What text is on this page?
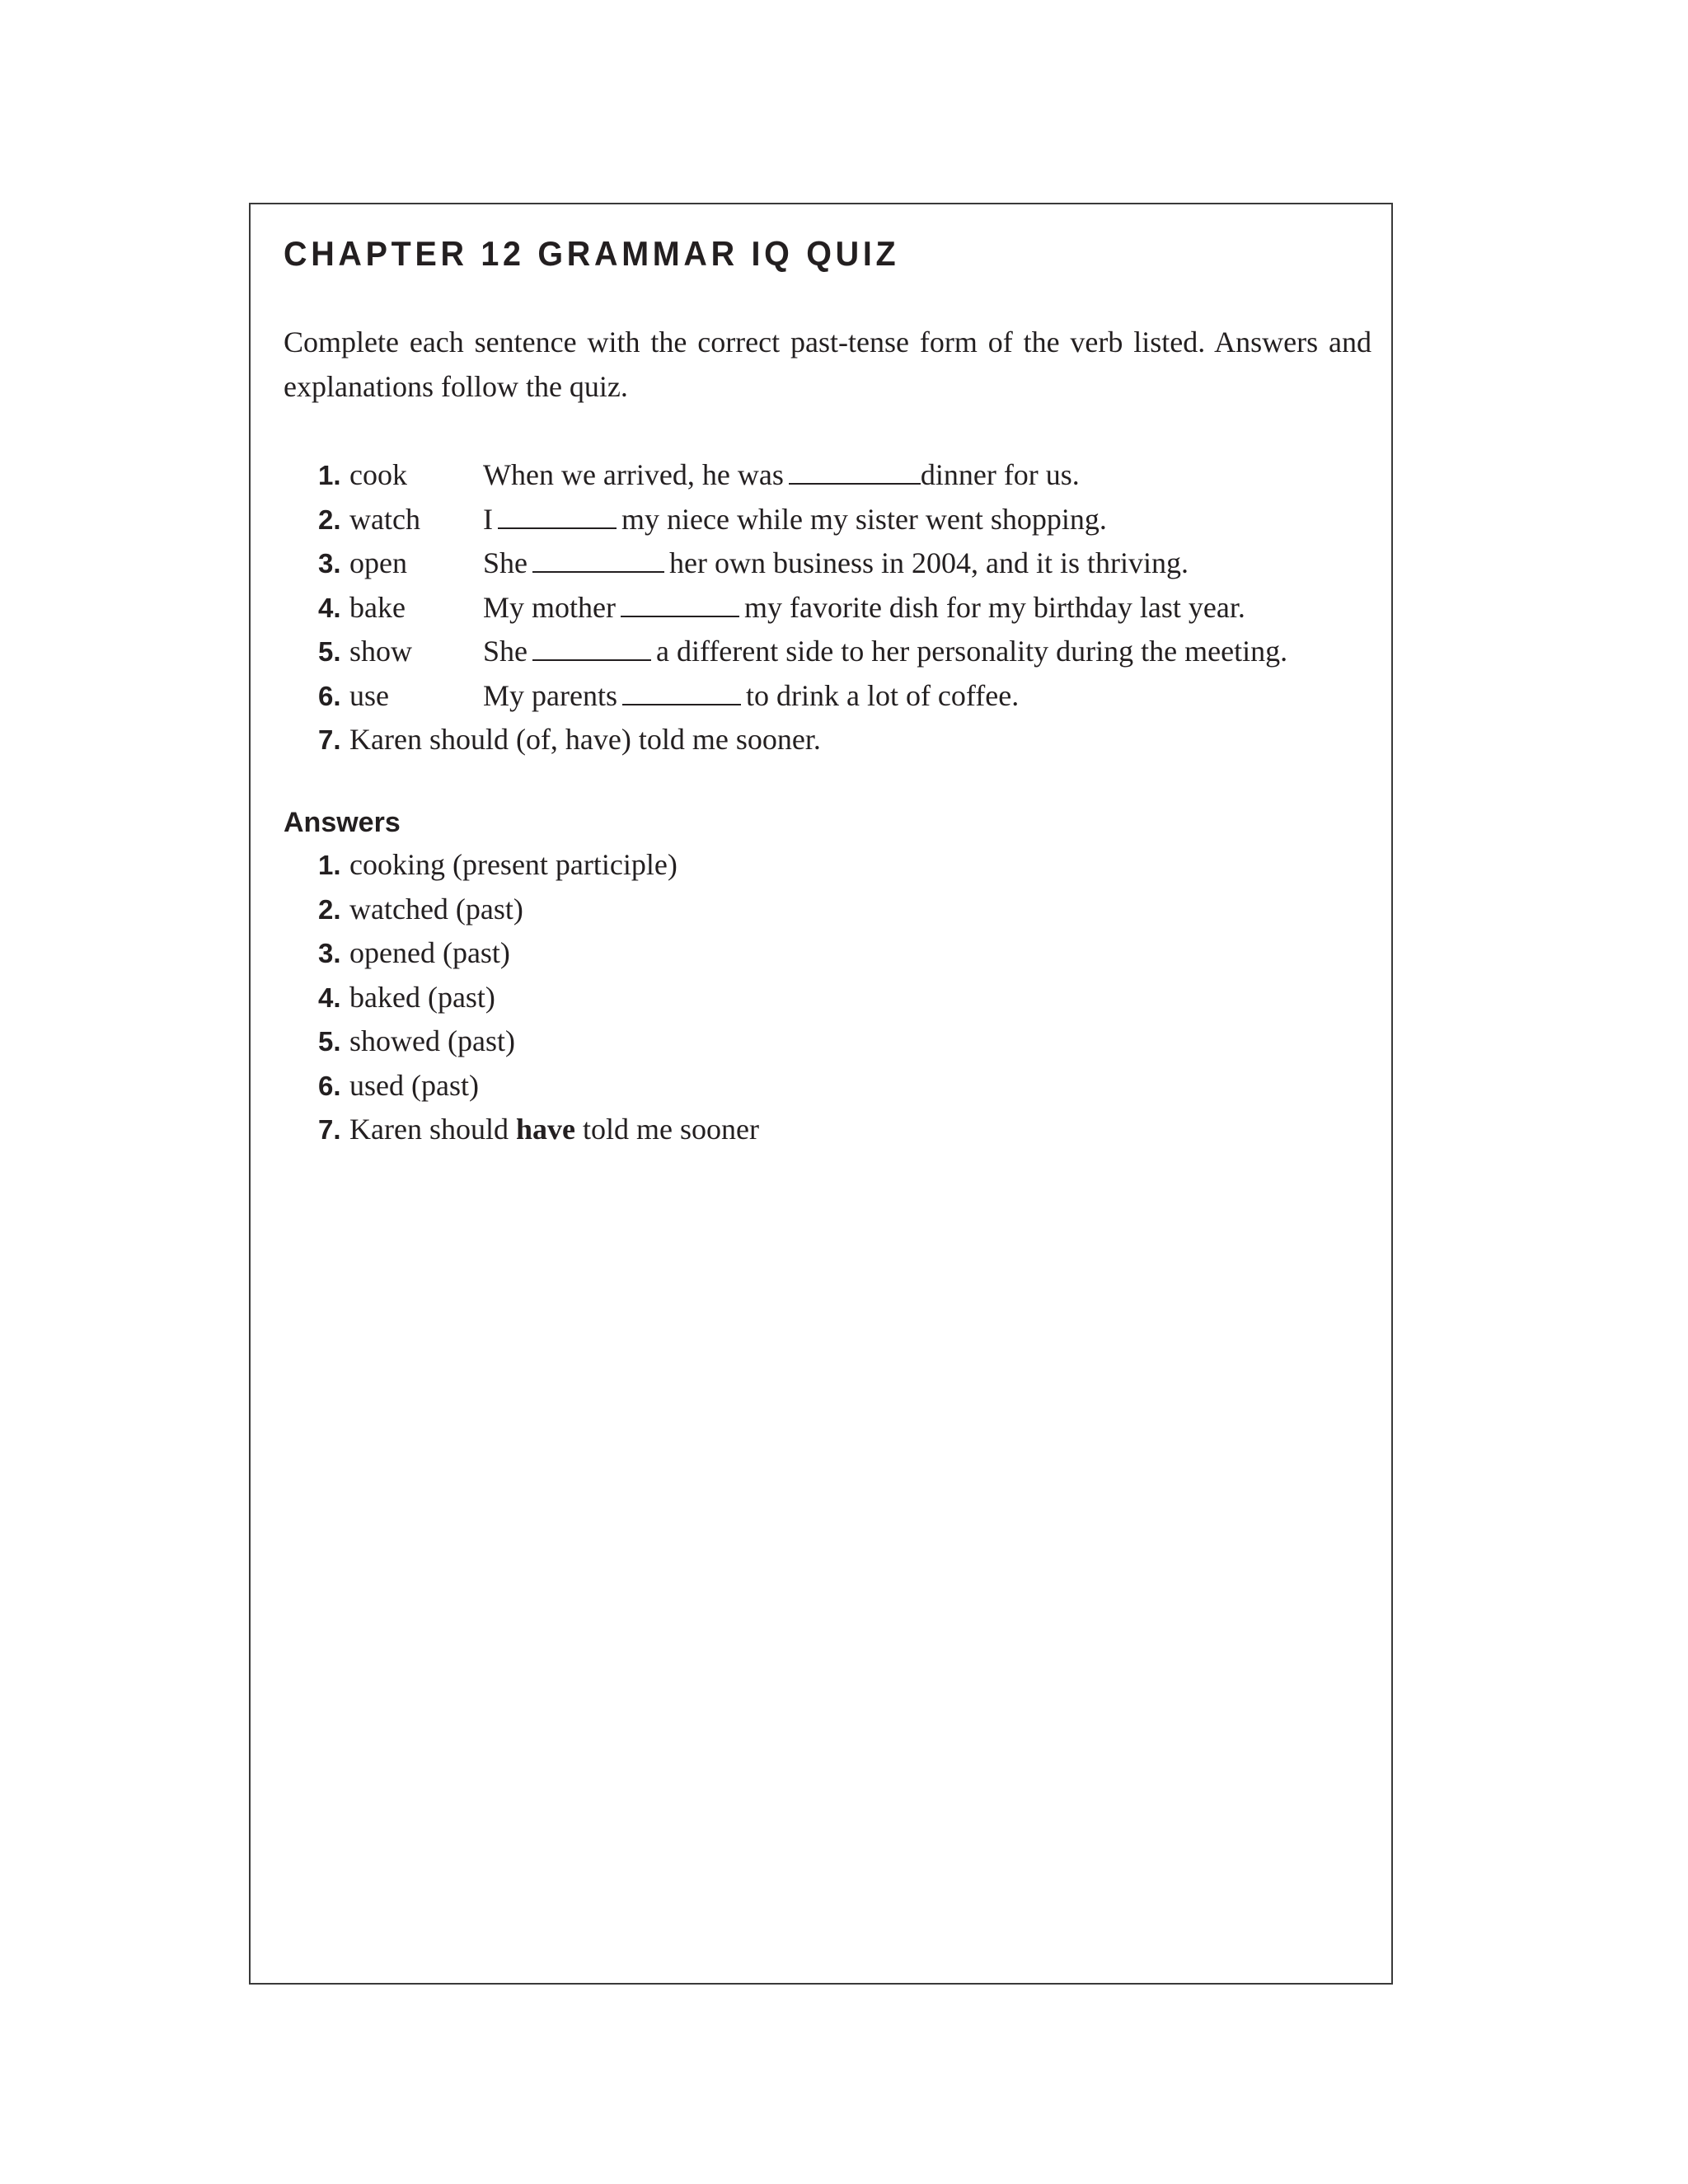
CHAPTER 12 GRAMMAR IQ QUIZ

Complete each sentence with the correct past-tense form of the verb listed. Answers and explanations follow the quiz.

1. cook	When we arrived, he was	dinner for us.
2. watch I	my niece while my sister went shopping.
3. open	She	her own business in 2004, and it is thriving.
4. bake	My mother	my favorite dish for my birthday last year.
5. show She	a different side to her personality during the meeting.
6. use	My parents	to drink a lot of coffee.
7. Karen should (of, have) told me sooner.
Answers
1. cooking (present participle)
2. watched (past)
3. opened (past)
4. baked (past)
5. showed (past)
6. used (past)
7. Karen should have told me sooner
